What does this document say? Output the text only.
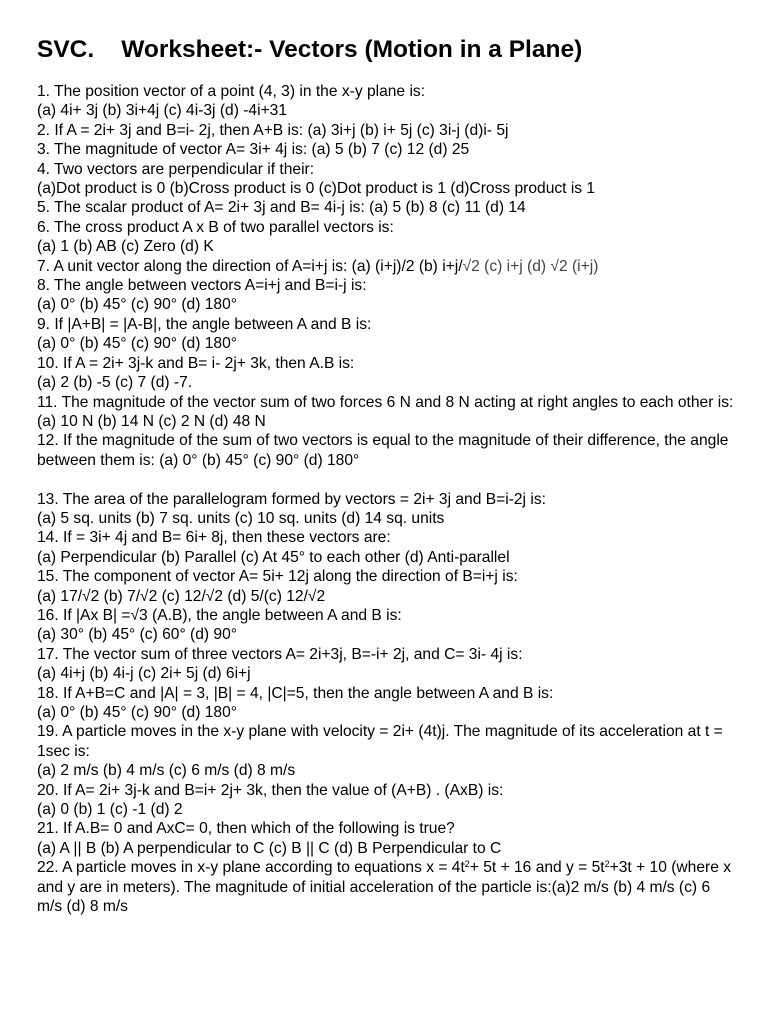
SVC. Worksheet:- Vectors (Motion in a Plane)
1. The position vector of a point (4, 3) in the x-y plane is:
(a) 4i+ 3j (b) 3i+4j (c) 4i-3j (d) -4i+31
2. If A = 2i+ 3j and B=i- 2j, then A+B is: (a) 3i+j (b) i+ 5j (c) 3i-j (d)i- 5j
3. The magnitude of vector A= 3i+ 4j is: (a) 5 (b) 7 (c) 12 (d) 25
4. Two vectors are perpendicular if their:
(a)Dot product is 0 (b)Cross product is 0 (c)Dot product is 1 (d)Cross product is 1
5. The scalar product of A= 2i+ 3j and B= 4i-j is: (a) 5 (b) 8 (c) 11 (d) 14
6. The cross product A x B of two parallel vectors is:
(a) 1 (b) AB (c) Zero (d) K
7. A unit vector along the direction of A=i+j is: (a) (i+j)/2 (b) i+j/√2 (c) i+j (d) √2 (i+j)
8. The angle between vectors A=i+j and B=i-j is:
(a) 0° (b) 45° (c) 90° (d) 180°
9. If |A+B| = |A-B|, the angle between A and B is:
(a) 0° (b) 45° (c) 90° (d) 180°
10. If A = 2i+ 3j-k and B= i- 2j+ 3k, then A.B is:
(a) 2 (b) -5 (c) 7 (d) -7.
11. The magnitude of the vector sum of two forces 6 N and 8 N acting at right angles to each other is:
(a) 10 N (b) 14 N (c) 2 N (d) 48 N
12. If the magnitude of the sum of two vectors is equal to the magnitude of their difference, the angle between them is: (a) 0° (b) 45° (c) 90° (d) 180°
13. The area of the parallelogram formed by vectors = 2i+ 3j and B=i-2j is:
(a) 5 sq. units (b) 7 sq. units (c) 10 sq. units (d) 14 sq. units
14. If = 3i+ 4j and B= 6i+ 8j, then these vectors are:
(a) Perpendicular (b) Parallel (c) At 45° to each other (d) Anti-parallel
15. The component of vector A= 5i+ 12j along the direction of B=i+j is:
(a) 17/√2 (b) 7/√2 (c) 12/√2 (d) 5/(c) 12/√2
16. If |Ax B| =√3 (A.B), the angle between A and B is:
(a) 30° (b) 45° (c) 60° (d) 90°
17. The vector sum of three vectors A= 2i+3j, B=-i+ 2j, and C= 3i- 4j is:
(a) 4i+j (b) 4i-j (c) 2i+ 5j (d) 6i+j
18. If A+B=C and |A| = 3, |B| = 4, |C|=5, then the angle between A and B is:
(a) 0° (b) 45° (c) 90° (d) 180°
19. A particle moves in the x-y plane with velocity = 2i+ (4t)j. The magnitude of its acceleration at t = 1sec is:
(a) 2 m/s (b) 4 m/s (c) 6 m/s (d) 8 m/s
20. If A= 2i+ 3j-k and B=i+ 2j+ 3k, then the value of (A+B) . (AxB) is:
(a) 0 (b) 1 (c) -1 (d) 2
21. If A.B= 0 and AxC= 0, then which of the following is true?
(a) A || B (b) A perpendicular to C (c) B || C (d) B Perpendicular to C
22. A particle moves in x-y plane according to equations $x = 4t^2+ 5t + 16$ and $y = 5t^2+3t + 10$ (where x and y are in meters). The magnitude of initial acceleration of the particle is:(a)2 m/s (b) 4 m/s (c) 6 m/s (d) 8 m/s
